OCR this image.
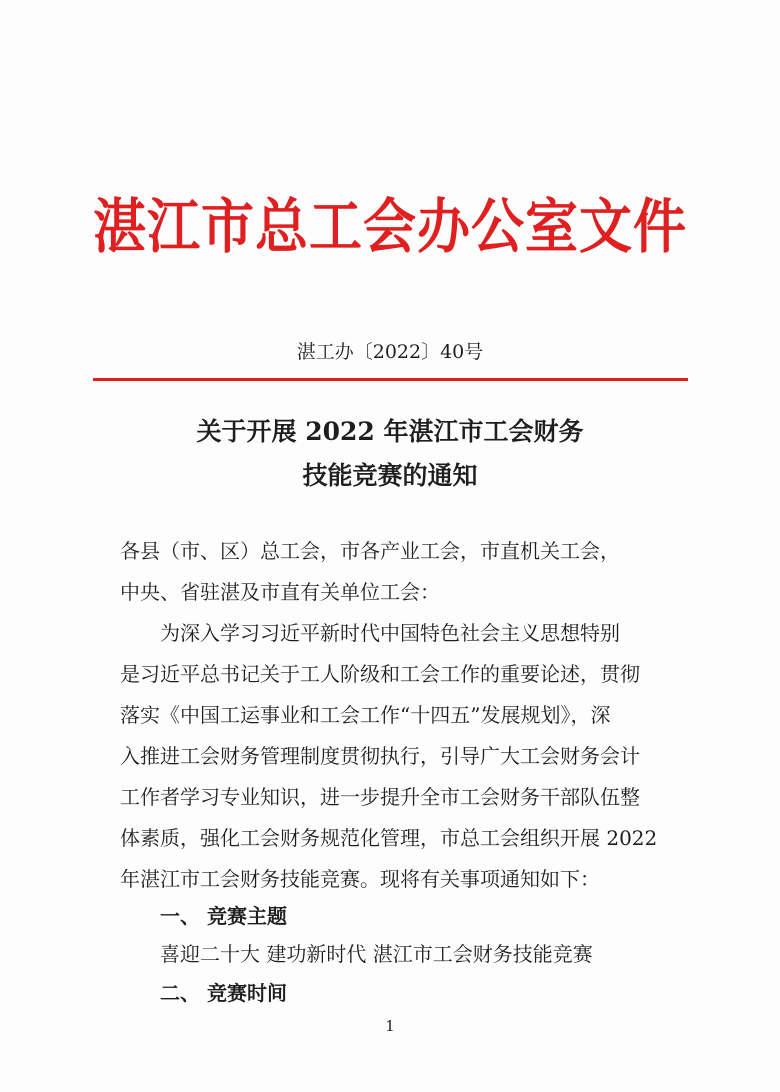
湛江市总工会办公室文件
湛工办〔2022〕40号
关于开展 2022 年湛江市工会财务
技能竞赛的通知
各县（市、区）总工会，市各产业工会，市直机关工会，
中央、省驻湛及市直有关单位工会：
为深入学习习近平新时代中国特色社会主义思想特别
是习近平总书记关于工人阶级和工会工作的重要论述，贯彻
落实《中国工运事业和工会工作“十四五”发展规划》，深
入推进工会财务管理制度贯彻执行，引导广大工会财务会计
工作者学习专业知识，进一步提升全市工会财务干部队伍整
体素质，强化工会财务规范化管理，市总工会组织开展 2022
年湛江市工会财务技能竞赛。现将有关事项通知如下：
一、 竞赛主题
喜迎二十大 建功新时代 湛江市工会财务技能竞赛
二、 竞赛时间
1
